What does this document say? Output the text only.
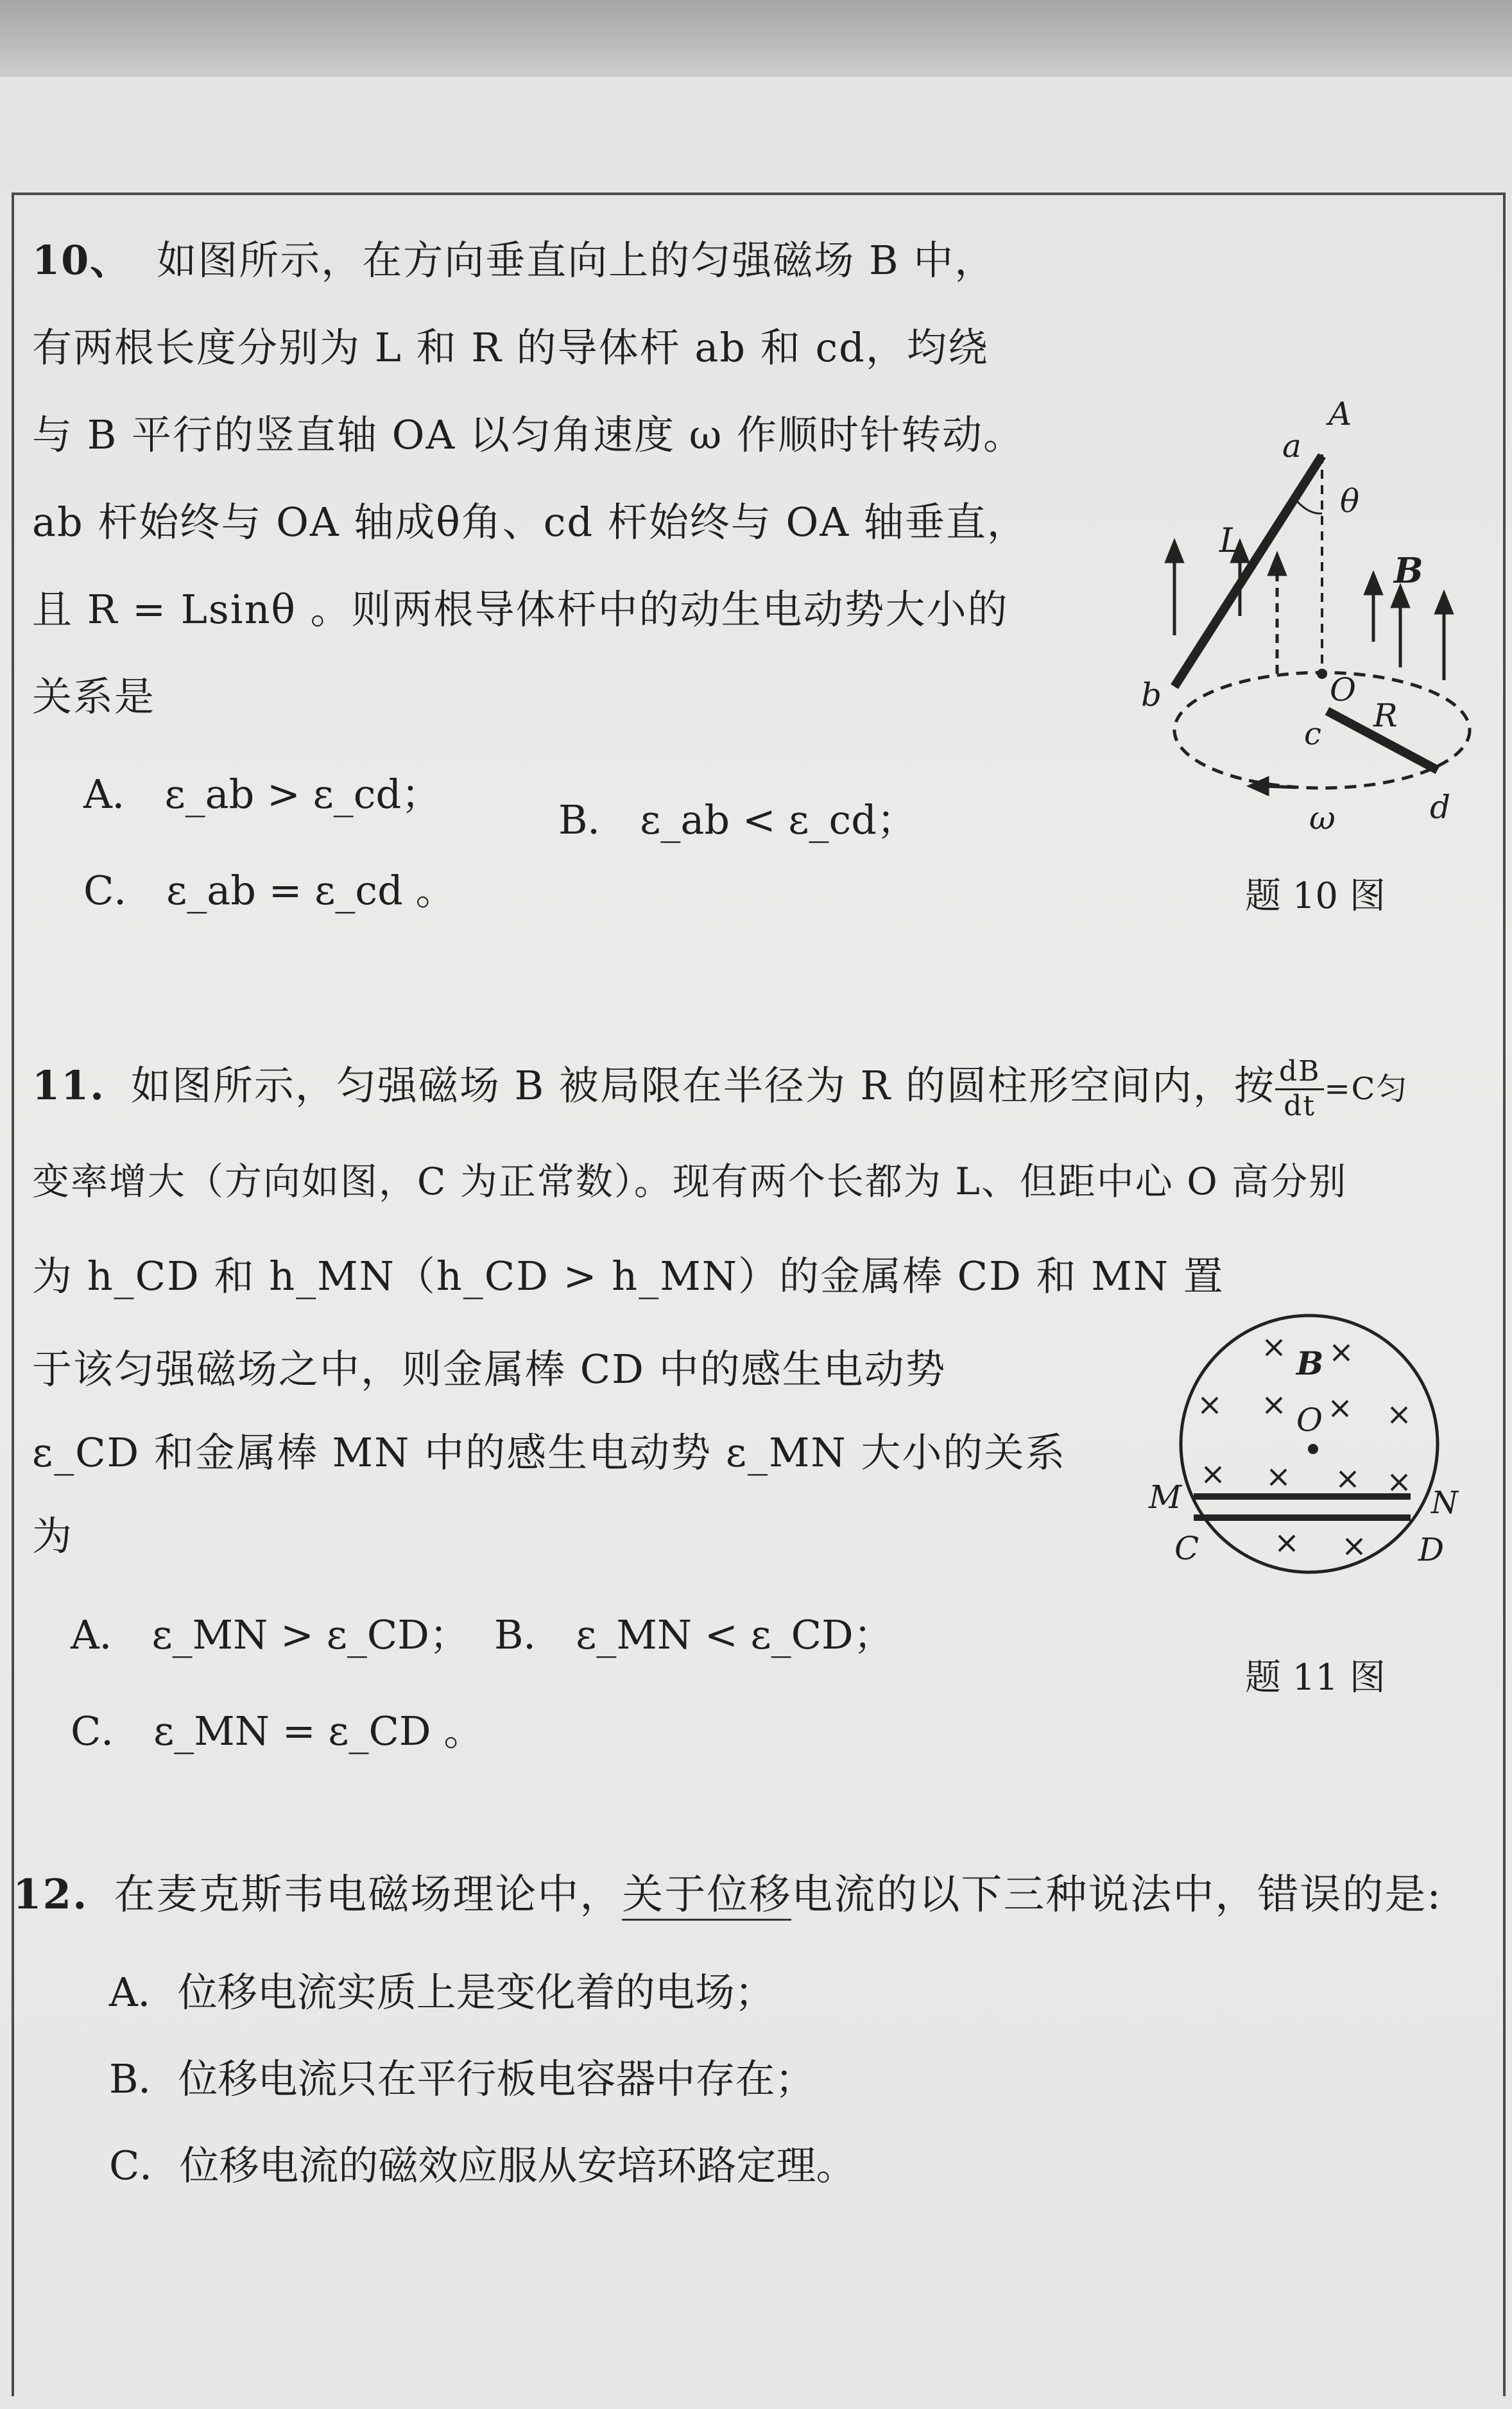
10、 如图所示，在方向垂直向上的匀强磁场 B 中，
有两根长度分别为 L 和 R 的导体杆 ab 和 cd，均绕
与 B 平行的竖直轴 OA 以匀角速度 ω 作顺时针转动。
ab 杆始终与 OA 轴成θ角、cd 杆始终与 OA 轴垂直，
且 R = Lsinθ 。则两根导体杆中的动生电动势大小的
关系是
A． ε_ab > ε_cd；
B． ε_ab < ε_cd；
C． ε_ab = ε_cd 。
A
a
θ
L
B
b	O
R
c
d
ω
题 10 图
11. 如图所示，匀强磁场 B 被局限在半径为 R 的圆柱形空间内，按 $\frac{dB}{dt} =C$匀
变率增大（方向如图，C 为正常数）。现有两个长都为 L、但距中心 O 高分别
为 h_CD 和 h_MN（h_CD > h_MN）的金属棒 CD 和 MN 置
于该匀强磁场之中，则金属棒 CD 中的感生电动势
ε_CD 和金属棒 MN 中的感生电动势 ε_MN 大小的关系
为
A． ε_MN > ε_CD； B． ε_MN < ε_CD；
C． ε_MN = ε_CD 。
B
O
M	N
C	D
题 11 图
12. 在麦克斯韦电磁场理论中，关于位移电流的以下三种说法中，错误的是:
A．位移电流实质上是变化着的电场；
B．位移电流只在平行板电容器中存在；
C．位移电流的磁效应服从安培环路定理。
